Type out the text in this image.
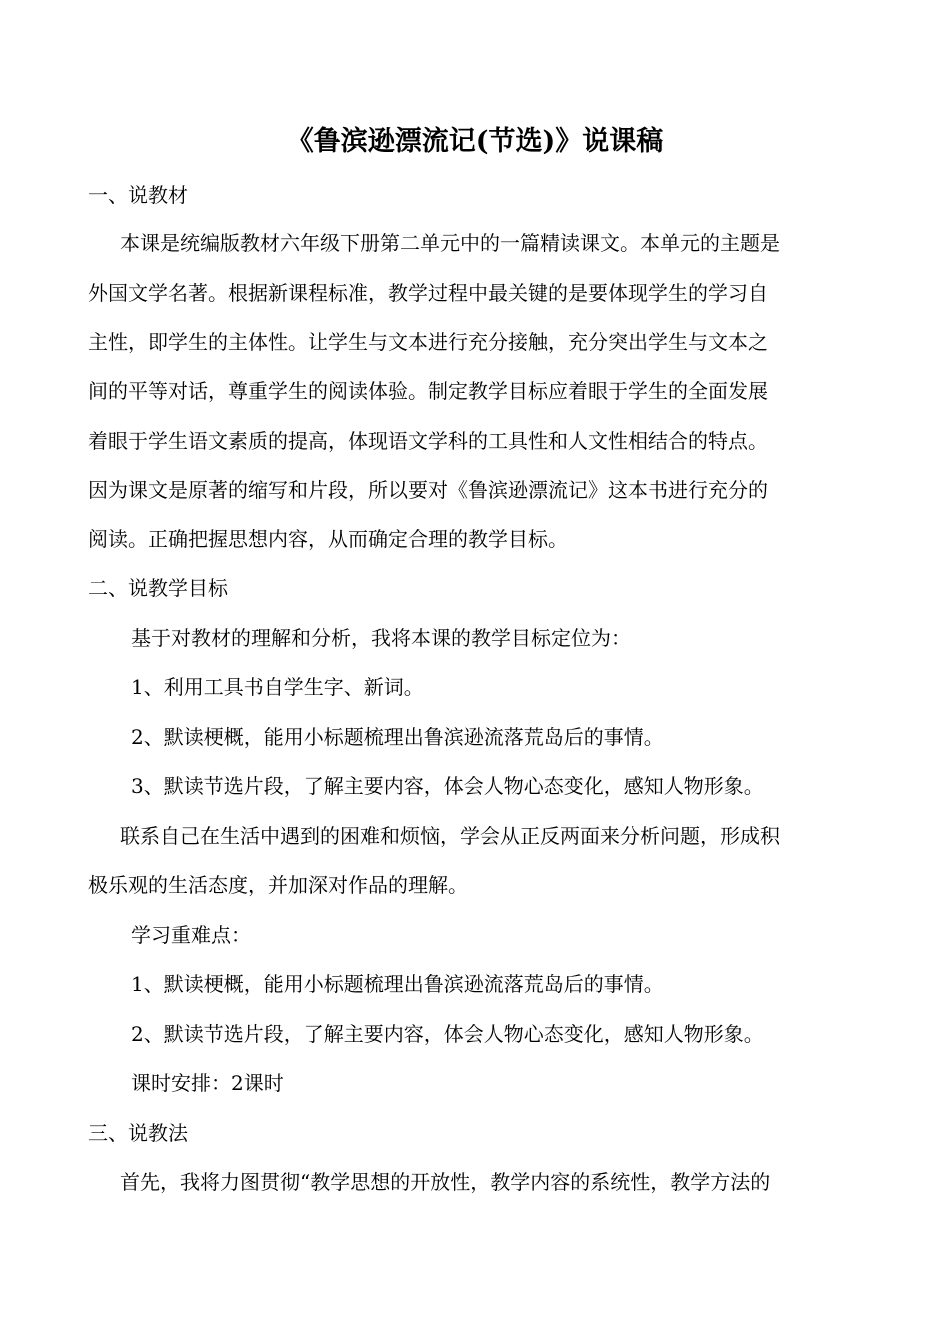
《鲁滨逊漂流记(节选)》说课稿
一、说教材
本课是统编版教材六年级下册第二单元中的一篇精读课文。本单元的主题是
外国文学名著。根据新课程标准，教学过程中最关键的是要体现学生的学习自
主性，即学生的主体性。让学生与文本进行充分接触，充分突出学生与文本之
间的平等对话，尊重学生的阅读体验。制定教学目标应着眼于学生的全面发展
着眼于学生语文素质的提高，体现语文学科的工具性和人文性相结合的特点。
因为课文是原著的缩写和片段，所以要对《鲁滨逊漂流记》这本书进行充分的
阅读。正确把握思想内容，从而确定合理的教学目标。
二、说教学目标
基于对教材的理解和分析，我将本课的教学目标定位为：
1、利用工具书自学生字、新词。
2、默读梗概，能用小标题梳理出鲁滨逊流落荒岛后的事情。
3、默读节选片段，了解主要内容，体会人物心态变化，感知人物形象。
联系自己在生活中遇到的困难和烦恼，学会从正反两面来分析问题，形成积
极乐观的生活态度，并加深对作品的理解。
学习重难点：
1、默读梗概，能用小标题梳理出鲁滨逊流落荒岛后的事情。
2、默读节选片段，了解主要内容，体会人物心态变化，感知人物形象。
课时安排：2课时
三、说教法
首先，我将力图贯彻“教学思想的开放性，教学内容的系统性，教学方法的
